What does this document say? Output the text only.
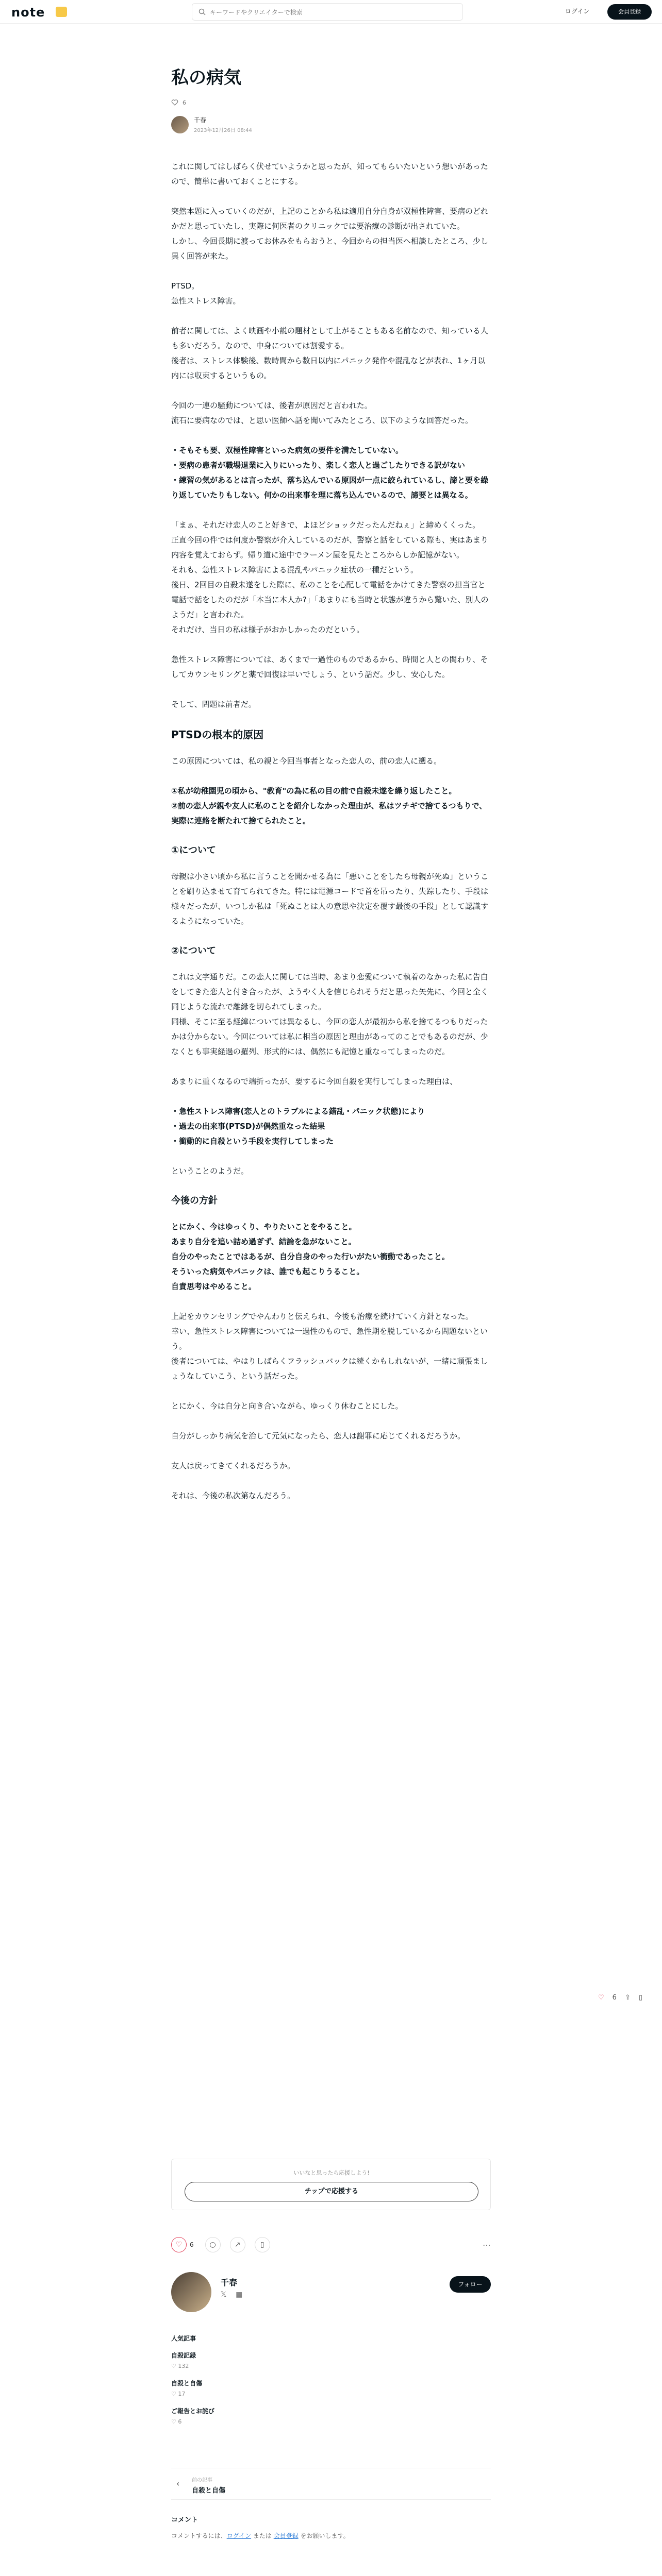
note
キーワードやクリエイターで検索	ログイン	会員登録
私の病気
6
千春
2023年12月26日 08:44

これに関してはしばらく伏せていようかと思ったが、知ってもらいたいという想いがあったので、簡単に書いておくことにする。

突然本題に入っていくのだが、上記のことから私は適用自分自身が双極性障害、要病のどれかだと思っていたし、実際に何医者のクリニックでは要治療の診断が出されていた。
しかし、今回長期に渡ってお休みをもらおうと、今回からの担当医へ相談したところ、少し異く回答が来た。

PTSD。
急性ストレス障害。

前者に関しては、よく映画や小説の題材として上がることもある名前なので、知っている人も多いだろう。なので、中身については割愛する。
後者は、ストレス体験後、数時間から数日以内にパニック発作や混乱などが表れ、1ヶ月以内には収束するというもの。

今回の一連の騒動については、後者が原因だと言われた。
流石に要病なのでは、と思い医師へ話を聞いてみたところ、以下のような回答だった。

・そもそも要、双極性障害といった病気の要件を満たしていない。
・要病の患者が職場退業に入りにいったり、楽しく恋人と過ごしたりできる訳がない
・練習の気があるとは言ったが、落ち込んでいる原因が一点に絞られているし、諦と要を繰り返していたりもしない。何かの出来事を理に落ち込んでいるので、諦要とは異なる。

「まぁ、それだけ恋人のこと好きで、よほどショックだったんだねぇ」と締めくくった。
正直今回の件では何度か警察が介入しているのだが、警察と話をしている際も、実はあまり内容を覚えておらず。帰り道に途中でラーメン屋を見たところからしか記憶がない。
それも、急性ストレス障害による混乱やパニック症状の一種だという。
後日、2回目の自殺未遂をした際に、私のことを心配して電話をかけてきた警察の担当官と電話で話をしたのだが「本当に本人か?」「あまりにも当時と状態が違うから驚いた、別人のようだ」と言われた。
それだけ、当日の私は様子がおかしかったのだという。

急性ストレス障害については、あくまで一過性のものであるから、時間と人との関わり、そしてカウンセリングと薬で回復は早いでしょう、という話だ。少し、安心した。

そして、問題は前者だ。

PTSDの根本的原因

この原因については、私の親と今回当事者となった恋人の、前の恋人に遡る。

①私が幼稚園児の頃から、"教育"の為に私の目の前で自殺未遂を繰り返したこと。
②前の恋人が親や友人に私のことを紹介しなかった理由が、私はツチギで捨てるつもりで、実際に連絡を断たれて捨てられたこと。

①について

母親は小さい頃から私に言うことを聞かせる為に「悪いことをしたら母親が死ぬ」ということを刷り込ませて育てられてきた。特には電源コードで首を吊ったり、失踪したり、手段は様々だったが、いつしか私は「死ぬことは人の意思や決定を覆す最後の手段」として認識するようになっていた。

②について

これは文字通りだ。この恋人に関しては当時、あまり恋愛について執着のなかった私に告白をしてきた恋人と付き合ったが、ようやく人を信じられそうだと思った矢先に、今回と全く同じような流れで離縁を切られてしまった。
同様、そこに至る経緯については異なるし、今回の恋人が最初から私を捨てるつもりだったかは分からない。今回については私に相当の原因と理由があってのことでもあるのだが、少なくとも事実経過の羅列、形式的には、偶然にも記憶と重なってしまったのだ。

あまりに重くなるので端折ったが、要するに今回自殺を実行してしまった理由は、

・急性ストレス障害(恋人とのトラブルによる錯乱・パニック状態)により
・過去の出来事(PTSD)が偶然重なった結果
・衝動的に自殺という手段を実行してしまった

ということのようだ。

今後の方針

とにかく、今はゆっくり、やりたいことをやること。
あまり自分を追い詰め過ぎず、結論を急がないこと。
自分のやったことではあるが、自分自身のやった行いがたい衝動であったこと。
そういった病気やパニックは、誰でも起こりうること。
自責思考はやめること。

上記をカウンセリングでやんわりと伝えられ、今後も治療を続けていく方針となった。
幸い、急性ストレス障害については一過性のもので、急性期を脱しているから問題ないという。
後者については、やはりしばらくフラッシュバックは続くかもしれないが、一緒に頑張ましょうなしていこう、という話だった。

とにかく、今は自分と向き合いながら、ゆっくり休むことにした。

自分がしっかり病気を治して元気になったら、恋人は謝罪に応じてくれるだろうか。

友人は戻ってきてくれるだろうか。

それは、今後の私次第なんだろう。

♡ 6 ⇪ ▯
いいなと思ったら応援しよう!
チップで応援する
♡ 6 ○	↗	▯	⋯
千春
𝕏 ▦
フォロー
人気記事
自殺記録
♡ 132
自殺と自傷
♡ 17
ご報告とお詫び
♡ 6
‹ 前の記事
自殺と自傷
コメント
コメントするには、ログイン または 会員登録 をお願いします。
